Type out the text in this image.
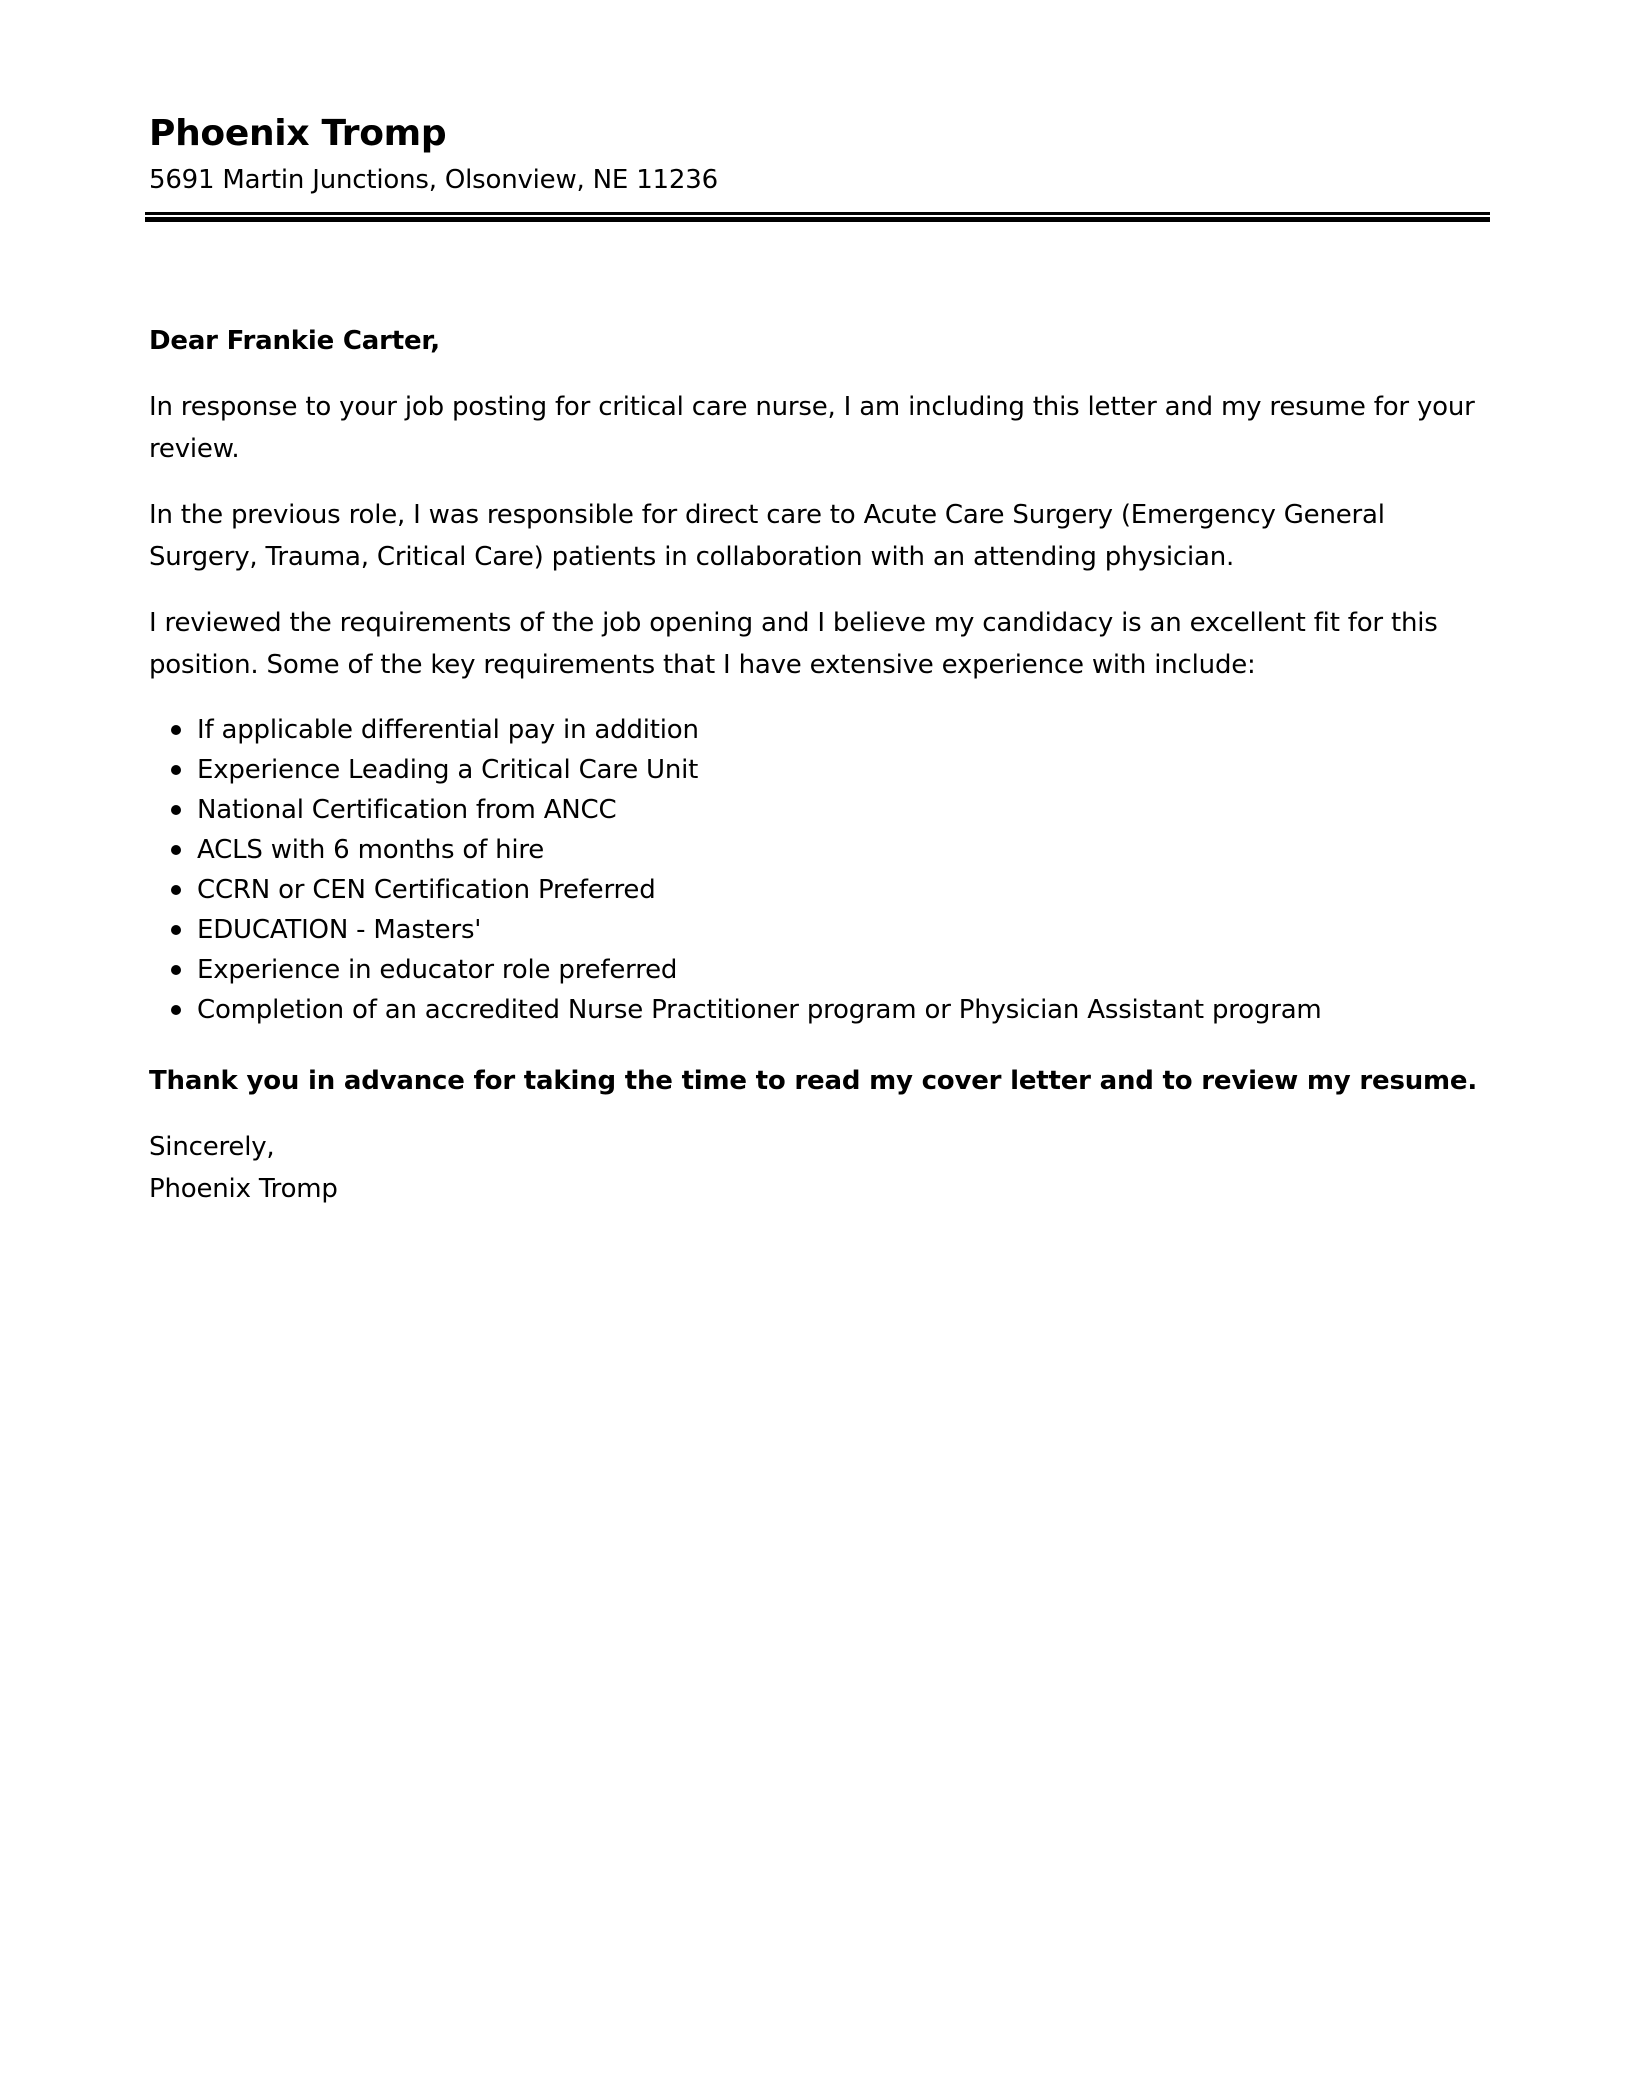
Phoenix Tromp

5691 Martin Junctions, Olsonview, NE 11236

Dear Frankie Carter,

In response to your job posting for critical care nurse, I am including this letter and my resume for your review.

In the previous role, I was responsible for direct care to Acute Care Surgery (Emergency General Surgery, Trauma, Critical Care) patients in collaboration with an attending physician.

I reviewed the requirements of the job opening and I believe my candidacy is an excellent fit for this position. Some of the key requirements that I have extensive experience with include:

If applicable differential pay in addition
Experience Leading a Critical Care Unit
National Certification from ANCC
ACLS with 6 months of hire
CCRN or CEN Certification Preferred
EDUCATION - Masters'
Experience in educator role preferred
Completion of an accredited Nurse Practitioner program or Physician Assistant program

Thank you in advance for taking the time to read my cover letter and to review my resume.

Sincerely,

Phoenix Tromp
